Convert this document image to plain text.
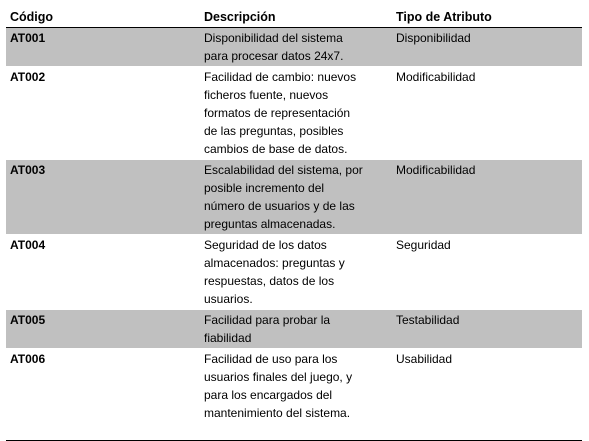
Código	Descripción	Tipo de Atributo
AT001	Disponibilidad del sistema
para procesar datos 24x7.	Disponibilidad
AT002	Facilidad de cambio: nuevos
ficheros fuente, nuevos
formatos de representación
de las preguntas, posibles
cambios de base de datos.	Modificabilidad
AT003	Escalabilidad del sistema, por
posible incremento del
número de usuarios y de las
preguntas almacenadas.	Modificabilidad
AT004	Seguridad de los datos
almacenados: preguntas y
respuestas, datos de los
usuarios.	Seguridad
AT005	Facilidad para probar la
fiabilidad	Testabilidad
AT006	Facilidad de uso para los
usuarios finales del juego, y
para los encargados del
mantenimiento del sistema.	Usabilidad
